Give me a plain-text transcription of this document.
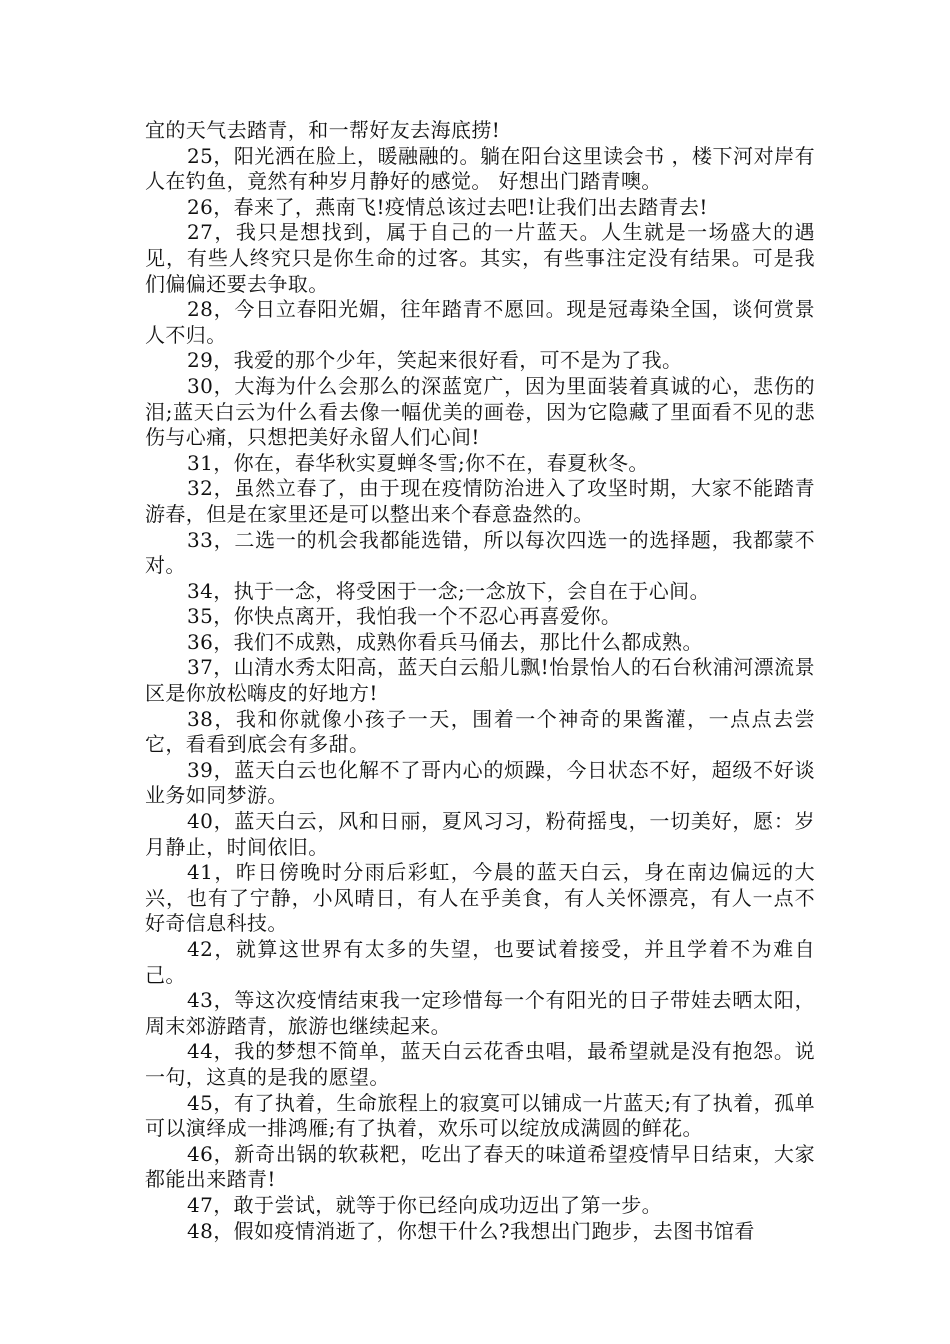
宜的天气去踏青，和一帮好友去海底捞!

25，阳光洒在脸上，暖融融的。躺在阳台这里读会书 ，楼下河对岸有人在钓鱼，竟然有种岁月静好的感觉。 好想出门踏青噢。

26，春来了，燕南飞!疫情总该过去吧!让我们出去踏青去!

27，我只是想找到，属于自己的一片蓝天。人生就是一场盛大的遇见，有些人终究只是你生命的过客。其实，有些事注定没有结果。可是我们偏偏还要去争取。

28，今日立春阳光媚，往年踏青不愿回。现是冠毒染全国，谈何赏景人不归。

29，我爱的那个少年，笑起来很好看，可不是为了我。

30，大海为什么会那么的深蓝宽广，因为里面装着真诚的心，悲伤的泪;蓝天白云为什么看去像一幅优美的画卷，因为它隐藏了里面看不见的悲伤与心痛，只想把美好永留人们心间!

31，你在，春华秋实夏蝉冬雪;你不在，春夏秋冬。

32，虽然立春了，由于现在疫情防治进入了攻坚时期，大家不能踏青游春，但是在家里还是可以整出来个春意盎然的。

33，二选一的机会我都能选错，所以每次四选一的选择题，我都蒙不对。

34，执于一念，将受困于一念;一念放下，会自在于心间。

35，你快点离开，我怕我一个不忍心再喜爱你。

36，我们不成熟，成熟你看兵马俑去，那比什么都成熟。

37，山清水秀太阳高，蓝天白云船儿飘!怡景怡人的石台秋浦河漂流景区是你放松嗨皮的好地方!

38，我和你就像小孩子一天，围着一个神奇的果酱灌，一点点去尝它，看看到底会有多甜。

39，蓝天白云也化解不了哥内心的烦躁，今日状态不好，超级不好谈业务如同梦游。

40，蓝天白云，风和日丽，夏风习习，粉荷摇曳，一切美好，愿：岁月静止，时间依旧。

41，昨日傍晚时分雨后彩虹，今晨的蓝天白云，身在南边偏远的大兴，也有了宁静，小风晴日，有人在乎美食，有人关怀漂亮，有人一点不好奇信息科技。

42，就算这世界有太多的失望，也要试着接受，并且学着不为难自己。

43，等这次疫情结束我一定珍惜每一个有阳光的日子带娃去晒太阳，周末郊游踏青，旅游也继续起来。

44，我的梦想不简单，蓝天白云花香虫唱，最希望就是没有抱怨。说一句，这真的是我的愿望。

45，有了执着，生命旅程上的寂寞可以铺成一片蓝天;有了执着，孤单可以演绎成一排鸿雁;有了执着，欢乐可以绽放成满圆的鲜花。

46，新奇出锅的软萩粑，吃出了春天的味道希望疫情早日结束，大家都能出来踏青!

47，敢于尝试，就等于你已经向成功迈出了第一步。

48，假如疫情消逝了，你想干什么?我想出门跑步，去图书馆看
